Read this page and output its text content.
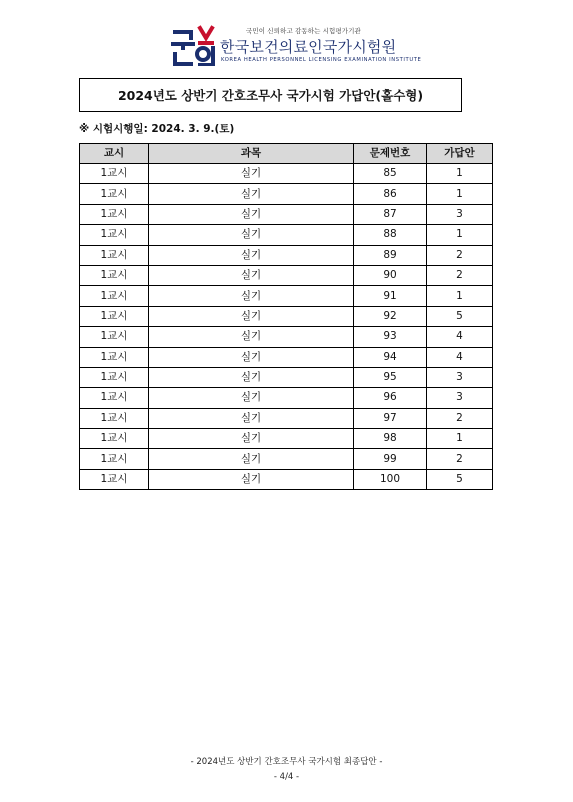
국민이 신뢰하고 감동하는 시험평가기관
한국보건의료인국가시험원
KOREA HEALTH PERSONNEL LICENSING EXAMINATION INSTITUTE
2024년도 상반기 간호조무사 국가시험 가답안(홀수형)
※ 시험시행일: 2024. 3. 9.(토)
교시	과목	문제번호	가답안
1교시	실기	85	1
1교시	실기	86	1
1교시	실기	87	3
1교시	실기	88	1
1교시	실기	89	2
1교시	실기	90	2
1교시	실기	91	1
1교시	실기	92	5
1교시	실기	93	4
1교시	실기	94	4
1교시	실기	95	3
1교시	실기	96	3
1교시	실기	97	2
1교시	실기	98	1
1교시	실기	99	2
1교시	실기	100	5
- 2024년도 상반기 간호조무사 국가시험 최종답안 -
- 4/4 -
